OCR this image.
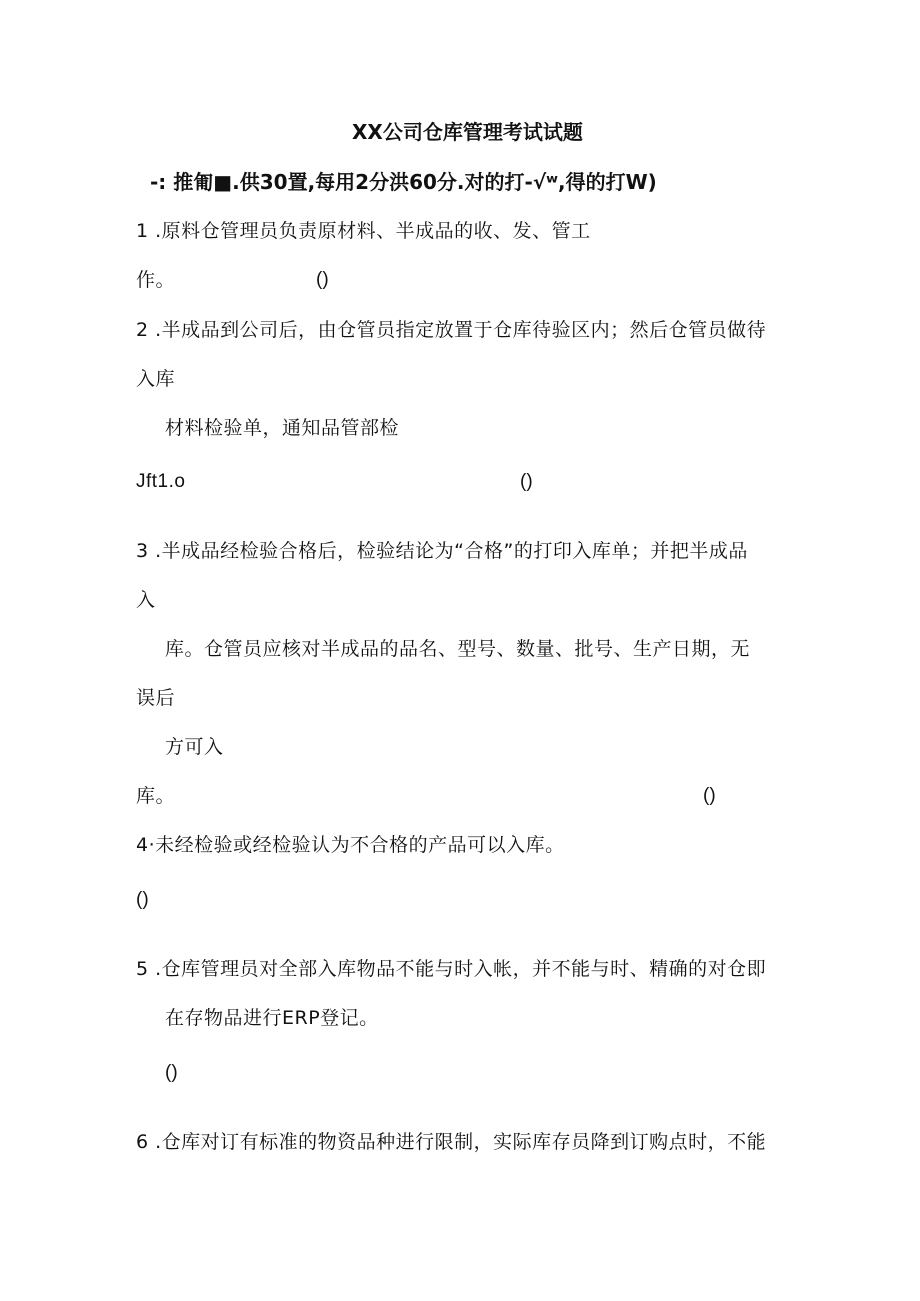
XX公司仓库管理考试试题
-: 推匍■.供30置,每用2分洪60分.对的打-√ʷ,得的打W)
1 .原料仓管理员负责原材料、半成品的收、发、管工
作。	()
2 .半成品到公司后，由仓管员指定放置于仓库待验区内；然后仓管员做待
入库
材料检验单，通知品管部检
Jft1.o	()
3 .半成品经检验合格后，检验结论为“合格”的打印入库单；并把半成品
入
库。仓管员应核对半成品的品名、型号、数量、批号、生产日期，无
误后
方可入
库。	()
4·未经检验或经检验认为不合格的产品可以入库。
()
5 .仓库管理员对全部入库物品不能与时入帐，并不能与时、精确的对仓即
在存物品进行ERP登记。
()
6 .仓库对订有标准的物资品种进行限制，实际库存员降到订购点时，不能
